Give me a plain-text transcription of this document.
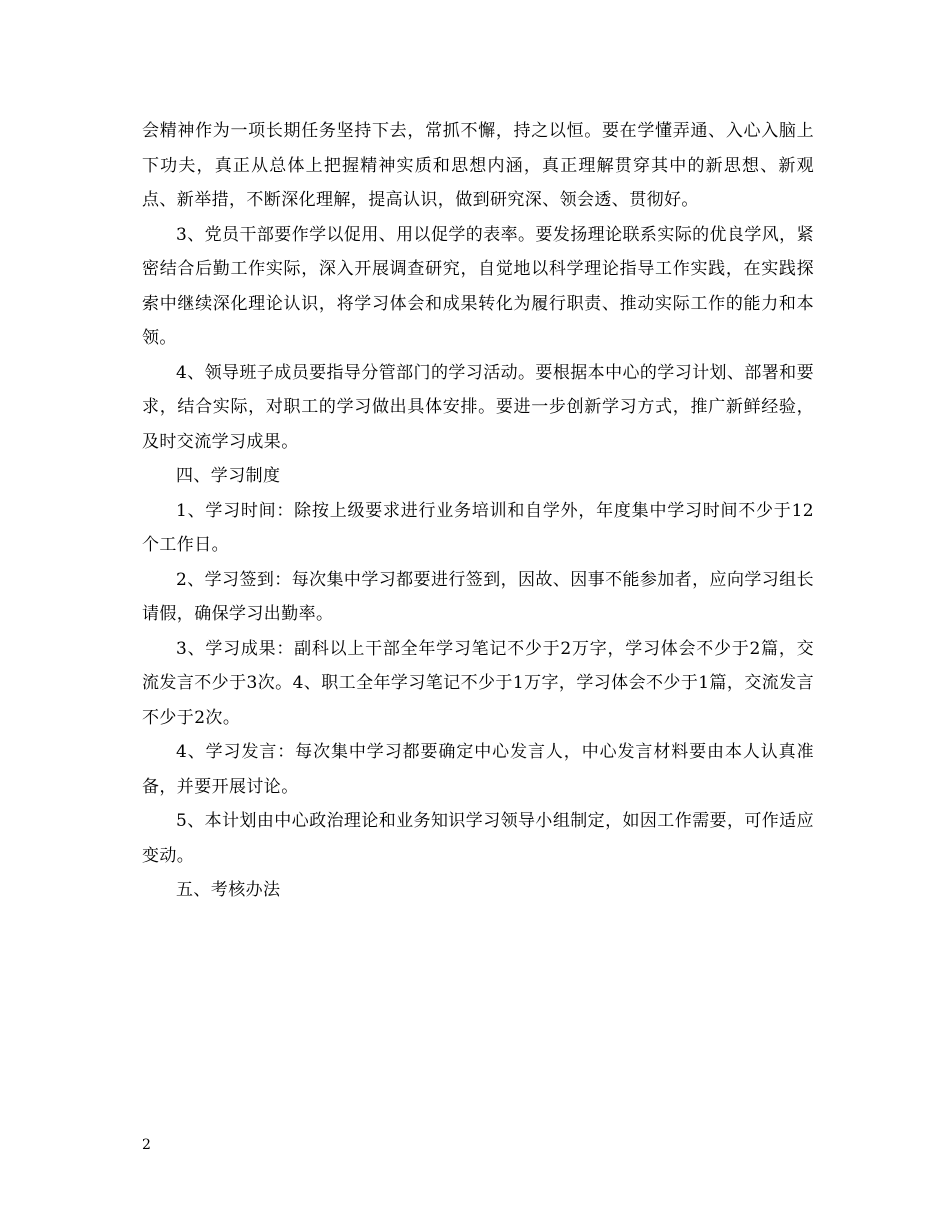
会精神作为一项长期任务坚持下去，常抓不懈，持之以恒。要在学懂弄通、入心入脑上下功夫，真正从总体上把握精神实质和思想内涵，真正理解贯穿其中的新思想、新观点、新举措，不断深化理解，提高认识，做到研究深、领会透、贯彻好。

3、党员干部要作学以促用、用以促学的表率。要发扬理论联系实际的优良学风，紧密结合后勤工作实际，深入开展调查研究，自觉地以科学理论指导工作实践，在实践探索中继续深化理论认识，将学习体会和成果转化为履行职责、推动实际工作的能力和本领。

4、领导班子成员要指导分管部门的学习活动。要根据本中心的学习计划、部署和要求，结合实际，对职工的学习做出具体安排。要进一步创新学习方式，推广新鲜经验，及时交流学习成果。

四、学习制度

1、学习时间：除按上级要求进行业务培训和自学外，年度集中学习时间不少于12个工作日。

2、学习签到：每次集中学习都要进行签到，因故、因事不能参加者，应向学习组长请假，确保学习出勤率。

3、学习成果：副科以上干部全年学习笔记不少于2万字，学习体会不少于2篇，交流发言不少于3次。4、职工全年学习笔记不少于1万字，学习体会不少于1篇，交流发言不少于2次。

4、学习发言：每次集中学习都要确定中心发言人，中心发言材料要由本人认真准备，并要开展讨论。

5、本计划由中心政治理论和业务知识学习领导小组制定，如因工作需要，可作适应变动。

五、考核办法

2
